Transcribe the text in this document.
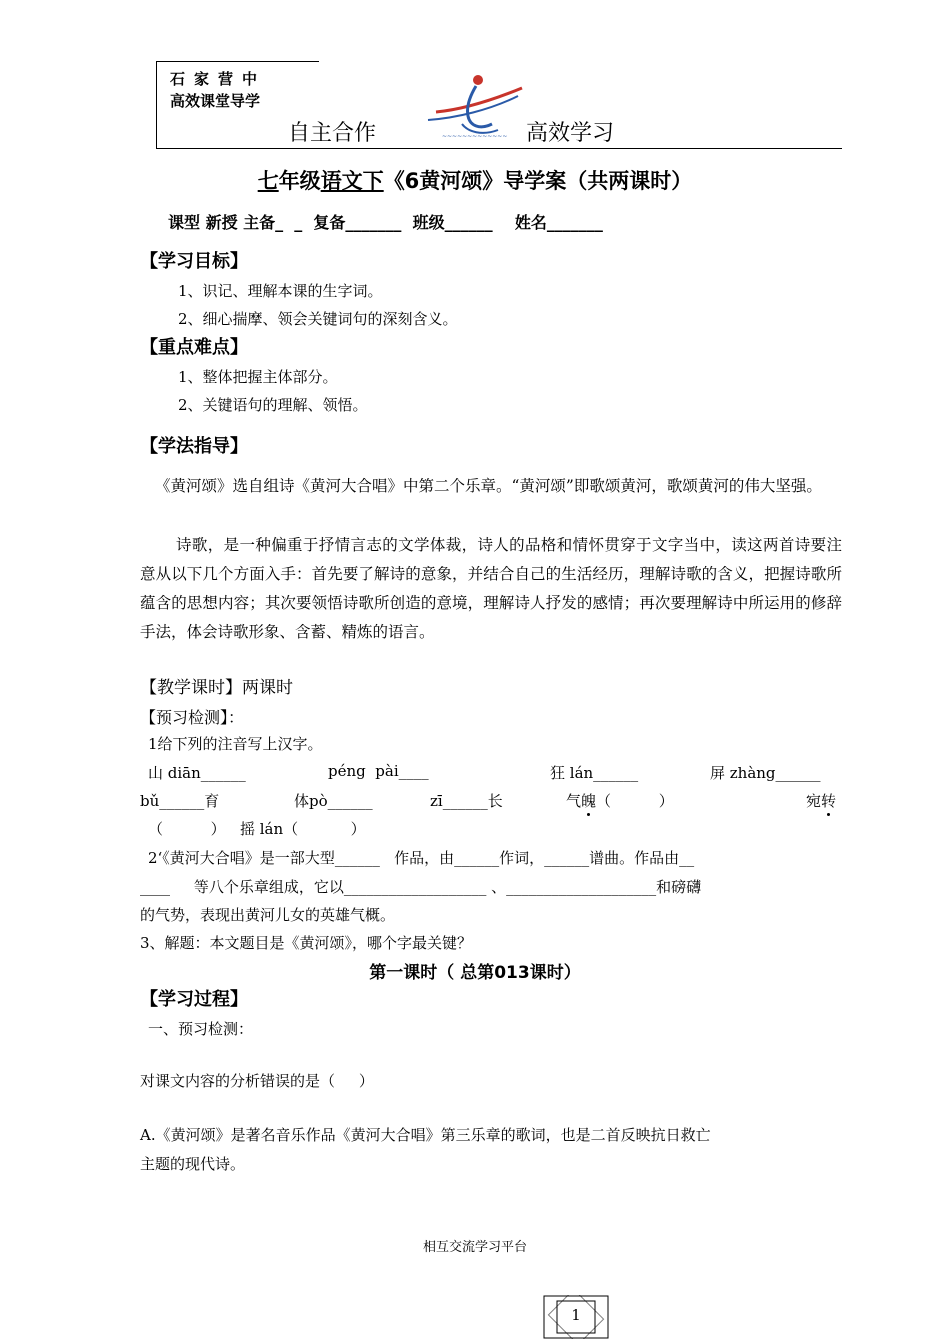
石家营中
高效课堂导学
~~~~~~~~~~~~~
自主合作	高效学习
七年级语文下《6黄河颂》导学案（共两课时）
课型 新授 主备_  _  复备_______  班级______    姓名_______
【学习目标】
1、识记、理解本课的生字词。
2、细心揣摩、领会关键词句的深刻含义。
【重点难点】
1、整体把握主体部分。
2、关键语句的理解、领悟。
【学法指导】
《黄河颂》选自组诗《黄河大合唱》中第二个乐章。“黄河颂”即歌颂黄河，歌颂黄河的伟大坚强。
诗歌，是一种偏重于抒情言志的文学体裁，诗人的品格和情怀贯穿于文字当中，读这两首诗要注意从以下几个方面入手：首先要了解诗的意象，并结合自己的生活经历，理解诗歌的含义，把握诗歌所蕴含的思想内容；其次要领悟诗歌所创造的意境，理解诗人抒发的感情；再次要理解诗中所运用的修辞手法，体会诗歌形象、含蓄、精炼的语言。
【教学课时】两课时
【预习检测】：
1给下列的注音写上汉字。
山 diān______	péng  pài____	狂 lán______	屏 zhàng______
bǔ______育	体pò______	zī______长	气魄（          ）	宛转
（          ）   摇 lán（           ）
2‘《黄河大合唱》是一部大型______   作品，由______作词，______谱曲。作品由__
____     等八个乐章组成，它以___________________ 、____________________和磅礴
的气势，表现出黄河儿女的英雄气概。
3、解题：本文题目是《黄河颂》，哪个字最关键？
第一课时（ 总第013课时）
【学习过程】
一、预习检测：
对课文内容的分析错误的是（     ）
A.《黄河颂》是著名音乐作品《黄河大合唱》第三乐章的歌词，也是二首反映抗日救亡
主题的现代诗。
相互交流学习平台
1
